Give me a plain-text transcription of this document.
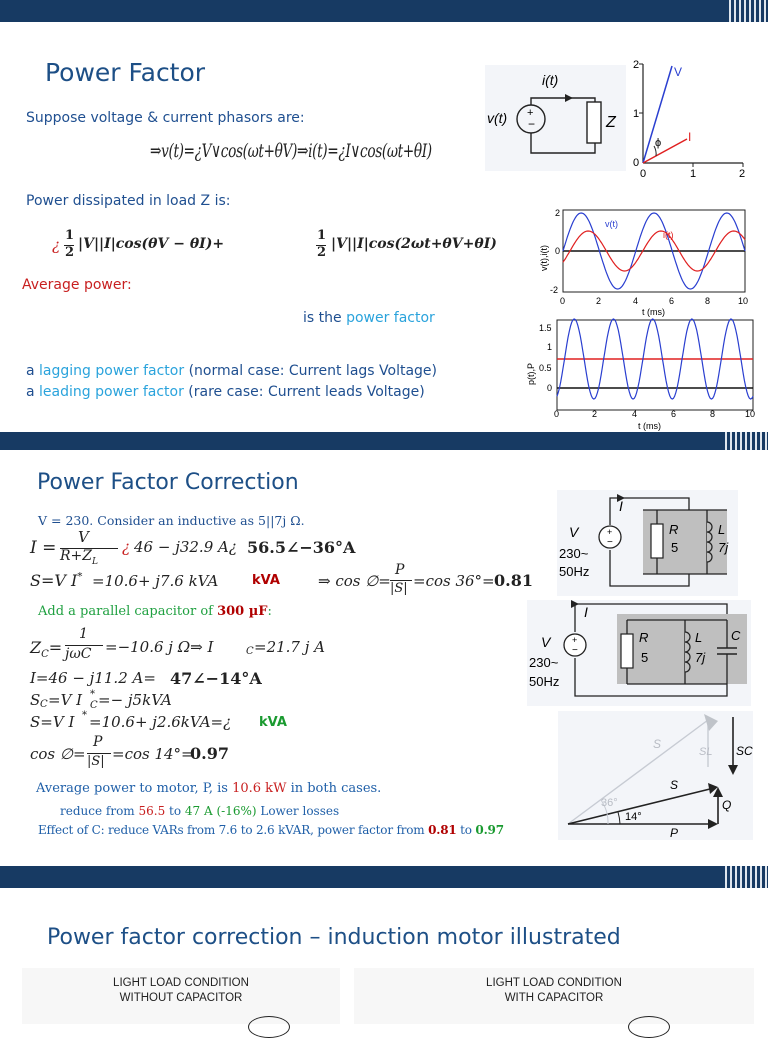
Power Factor
Suppose voltage & current phasors are:
⇒v(t)=¿V∨cos(ωt+θV)⇒i(t)=¿I∨cos(ωt+θI)
Power dissipated in load Z is:
¿
1
2
|V||I|cos(θV − θI)+
1
2
|V||I|cos(2ωt+θV+θI)
Average power:
is the power factor
a lagging power factor (normal case: Current lags Voltage)
a leading power factor (rare case: Current leads Voltage)
+
−
i(t)
v(t)	Z
V
I
ϕ
0	1	2
0
1
2
v(t)
i(t)
v(t),i(t)
t (ms)
0	2	4	6	8	10
2
0
-2
p(t),P
t (ms)
0	2	4	6	8	10
1.5
1
0.5
0
Power Factor Correction
V = 230. Consider an inductive as 5||7j Ω.
I =
V
$R+Z_L$
¿ 46 − j32.9 A¿ 56.5∠−36°A
S=V I* =10.6+ j7.6 kVA	kVA	⇒ cos ∅=
P
|S| =cos 36°= 0.81
Add a parallel capacitor of 300 µF:
$Z_C=$
1
jωC =−10.6 j Ω⇒ I	C =21.7 j A
I=46 − j11.2 A= 47∠−14°A
S C =V I *
C =− j5kVA
S=V I * =10.6+ j2.6kVA=¿ kVA
cos ∅=
P
|S| =cos 14°=
0.97
Average power to motor, P, is 10.6 kW in both cases.
reduce from 56.5 to 47 A (-16%) Lower losses
Effect of C: reduce VARs from 7.6 to 2.6 kVAR, power factor from 0.81 to 0.97
+
−
I
V
230~
50Hz
R
5
L
7j
+
−
I
V
230~
50Hz
R
5
L
7j
C
S
SL SC
S
Q
P
36°
14°
Power factor correction – induction motor illustrated
LIGHT LOAD CONDITION
WITHOUT CAPACITOR
LIGHT LOAD CONDITION
WITH CAPACITOR
